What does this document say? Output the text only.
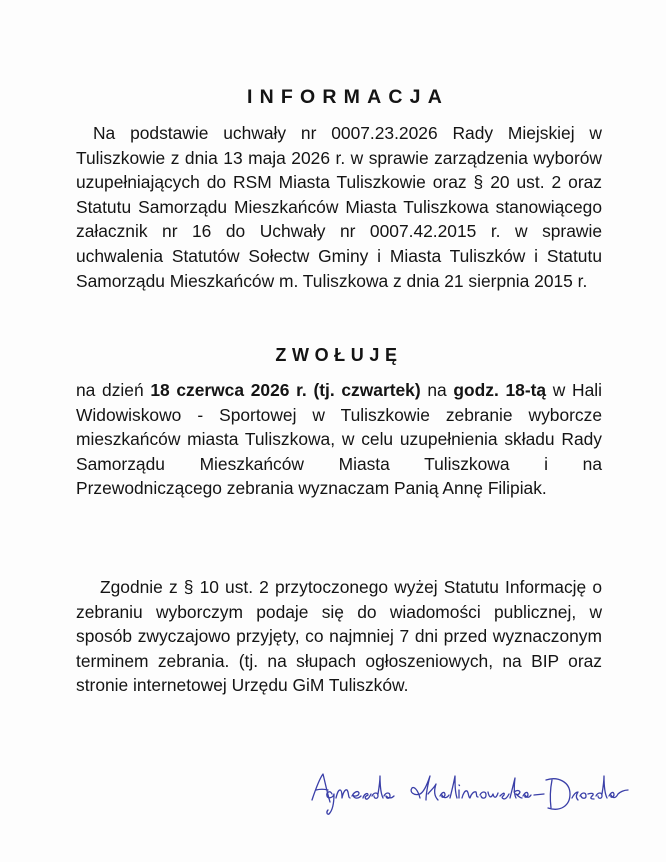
INFORMACJA
Na podstawie uchwały nr 0007.23.2026 Rady Miejskiej w Tuliszkowie z dnia 13 maja 2026 r. w sprawie zarządzenia wyborów uzupełniających do RSM Miasta Tuliszkowie oraz § 20 ust. 2 oraz Statutu Samorządu Mieszkańców Miasta Tuliszkowa stanowiącego załacznik nr 16 do Uchwały nr 0007.42.2015 r. w sprawie uchwalenia Statutów Sołectw Gminy i Miasta Tuliszków i Statutu Samorządu Mieszkańców m. Tuliszkowa z dnia 21 sierpnia 2015 r.
ZWOŁUJĘ
na dzień 18 czerwca 2026 r. (tj. czwartek) na godz. 18-tą w Hali Widowiskowo - Sportowej w Tuliszkowie zebranie wyborcze mieszkańców miasta Tuliszkowa, w celu uzupełnienia składu Rady Samorządu Mieszkańców Miasta Tuliszkowa i na Przewodniczącego zebrania wyznaczam Panią Annę Filipiak.
Zgodnie z § 10 ust. 2 przytoczonego wyżej Statutu Informację o zebraniu wyborczym podaje się do wiadomości publicznej, w sposób zwyczajowo przyjęty, co najmniej 7 dni przed wyznaczonym terminem zebrania. (tj. na słupach ogłoszeniowych, na BIP oraz stronie internetowej Urzędu GiM Tuliszków.
